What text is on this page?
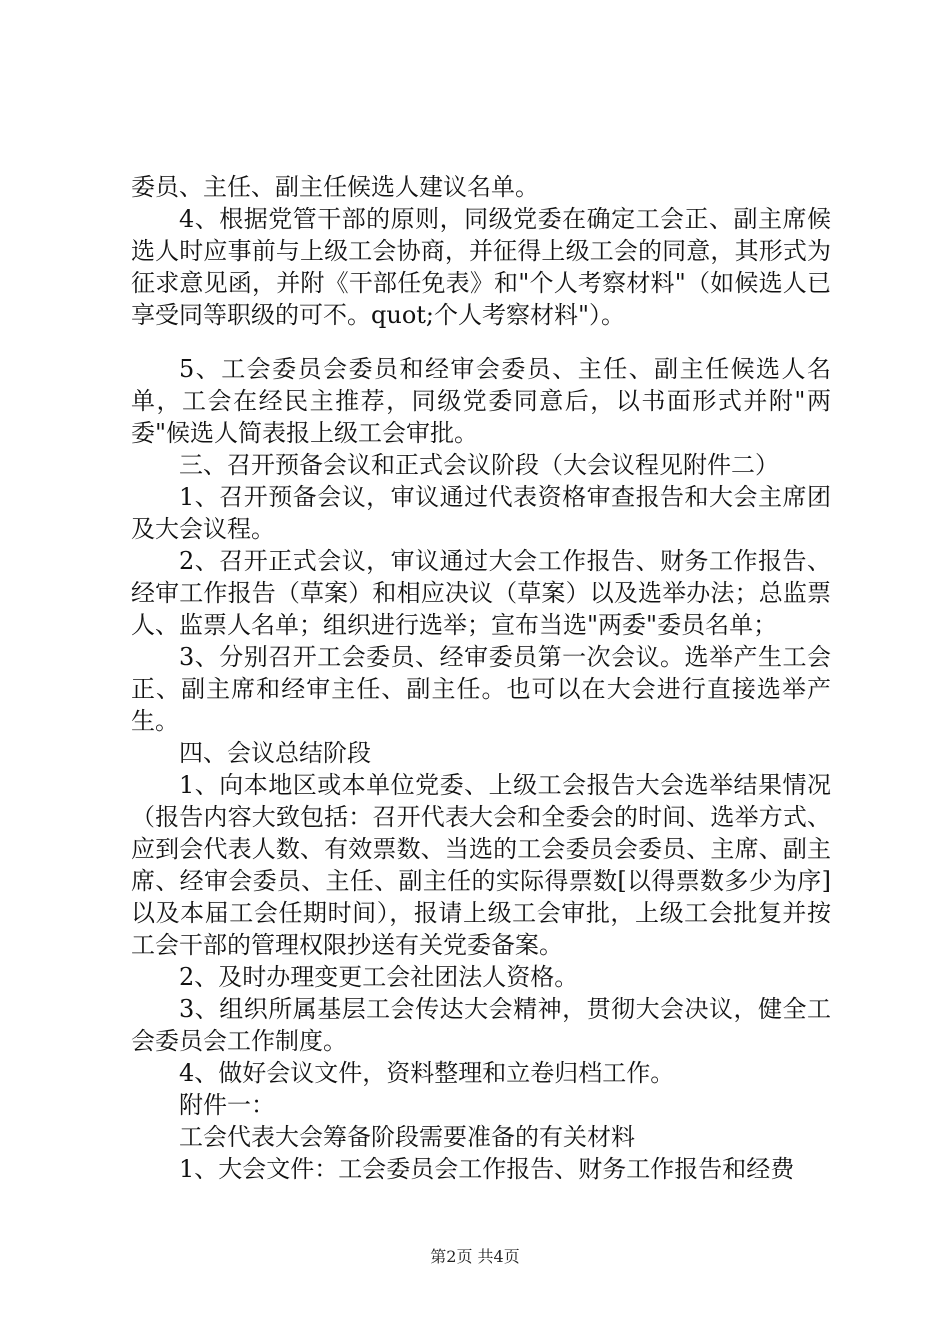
委员、主任、副主任候选人建议名单。

4、根据党管干部的原则，同级党委在确定工会正、副主席候选人时应事前与上级工会协商，并征得上级工会的同意，其形式为征求意见函，并附《干部任免表》和"个人考察材料"（如候选人已享受同等职级的可不。quot;个人考察材料"）。

5、工会委员会委员和经审会委员、主任、副主任候选人名单，工会在经民主推荐，同级党委同意后，以书面形式并附"两委"候选人简表报上级工会审批。

三、召开预备会议和正式会议阶段（大会议程见附件二）

1、召开预备会议，审议通过代表资格审查报告和大会主席团及大会议程。

2、召开正式会议，审议通过大会工作报告、财务工作报告、经审工作报告（草案）和相应决议（草案）以及选举办法；总监票人、监票人名单；组织进行选举；宣布当选"两委"委员名单；

3、分别召开工会委员、经审委员第一次会议。选举产生工会正、副主席和经审主任、副主任。也可以在大会进行直接选举产生。

四、会议总结阶段

1、向本地区或本单位党委、上级工会报告大会选举结果情况（报告内容大致包括：召开代表大会和全委会的时间、选举方式、应到会代表人数、有效票数、当选的工会委员会委员、主席、副主席、经审会委员、主任、副主任的实际得票数[以得票数多少为序]以及本届工会任期时间），报请上级工会审批，上级工会批复并按工会干部的管理权限抄送有关党委备案。

2、及时办理变更工会社团法人资格。

3、组织所属基层工会传达大会精神，贯彻大会决议，健全工会委员会工作制度。

4、做好会议文件，资料整理和立卷归档工作。

附件一：

工会代表大会筹备阶段需要准备的有关材料

1、大会文件：工会委员会工作报告、财务工作报告和经费

第2页 共4页
